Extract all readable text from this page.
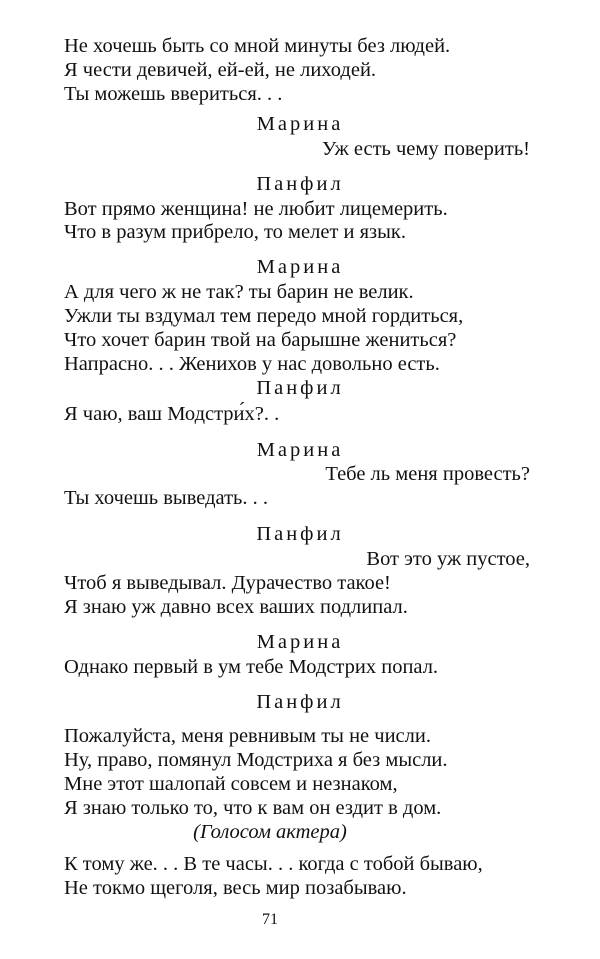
Не хочешь быть со мной минуты без людей.
Я чести девичей, ей-ей, не лиходей.
Ты можешь ввериться. . .
Марина
Уж есть чему поверить!
Панфил
Вот прямо женщина! не любит лицемерить.
Что в разум прибрело, то мелет и язык.
Марина
А для чего ж не так? ты барин не велик.
Ужли ты вздумал тем передо мной гордиться,
Что хочет барин твой на барышне жениться?
Напрасно. . . Женихов у нас довольно есть.
Панфил
Я чаю, ваш Модстри́х?. .
Марина
Тебе ль меня провесть?
Ты хочешь выведать. . .
Панфил
Вот это уж пустое,
Чтоб я выведывал. Дурачество такое!
Я знаю уж давно всех ваших подлипал.
Марина
Однако первый в ум тебе Модстрих попал.
Панфил
Пожалуйста, меня ревнивым ты не числи.
Ну, право, помянул Модстриха я без мысли.
Мне этот шалопай совсем и незнаком,
Я знаю только то, что к вам он ездит в дом.
(Голосом актера)
К тому же. . . В те часы. . . когда с тобой бываю,
Не токмо щеголя, весь мир позабываю.
71
